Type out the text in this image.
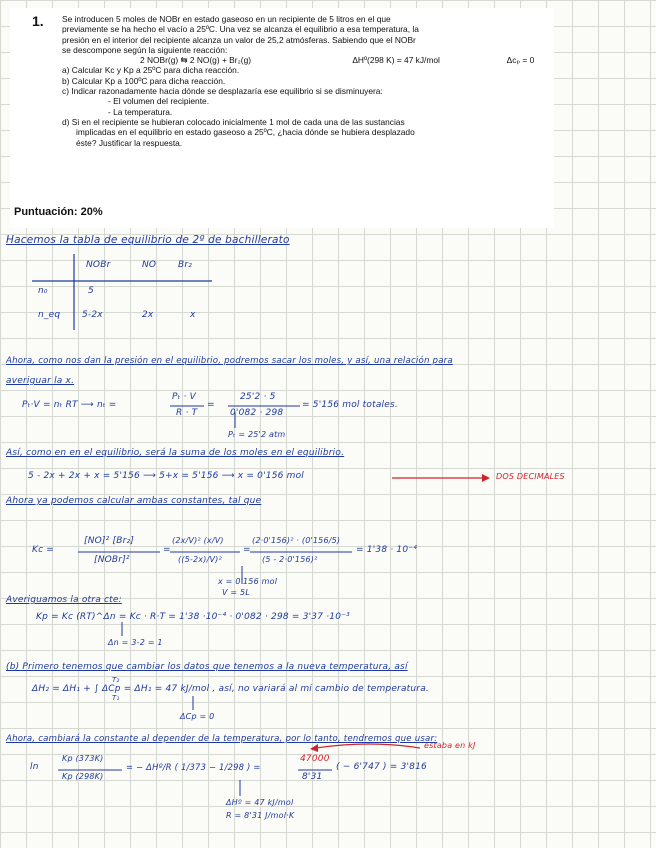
1. Se introducen 5 moles de NOBr en estado gaseoso en un recipiente de 5 litros en el que
previamente se ha hecho el vacío a 25ºC. Una vez se alcanza el equilibrio a esa temperatura, la
presión en el interior del recipiente alcanza un valor de 25,2 atmósferas. Sabiendo que el NOBr
se descompone según la siguiente reacción:
2 NOBr(g) ⇆ 2 NO(g) + Br₂(g)	ΔHº(298 K) = 47 kJ/mol	Δcₚ = 0
a) Calcular Kc y Kp a 25ºC para dicha reacción.
b) Calcular Kp a 100ºC para dicha reacción.
c) Indicar razonadamente hacia dónde se desplazaría ese equilibrio si se disminuyera:
- El volumen del recipiente.
- La temperatura.
d) Si en el recipiente se hubieran colocado inicialmente 1 mol de cada una de las sustancias
implicadas en el equilibrio en estado gaseoso a 25ºC, ¿hacia dónde se hubiera desplazado
éste? Justificar la respuesta.
Puntuación: 20%
Hacemos la tabla de equilibrio de 2º de bachillerato
NOBr	NO Br₂
n₀	5
n_eq 5-2x	2x	x
Ahora, como nos dan la presión en el equilibrio, podremos sacar los moles, y así, una relación para
averiguar la x.
Pₜ·V = nₜ RT ⟶ nₜ =
Pₜ · V
R · T
=
25'2 · 5
0'082 · 298
= 5'156 mol totales.
Pₜ = 25'2 atm
Así, como en en el equilibrio, será la suma de los moles en el equilibrio.
5 - 2x + 2x + x = 5'156 ⟶ 5+x = 5'156 ⟶ x = 0'156 mol	DOS DECIMALES
Ahora ya podemos calcular ambas constantes, tal que
Kc =
[NO]² [Br₂]
[NOBr]²
=
(2x/V)² (x/V)
((5-2x)/V)²
=
(2·0'156)² · (0'156/5)
(5 - 2·0'156)²
= 1'38 · 10⁻⁴
x = 0'156 mol
V = 5L
Averiguamos la otra cte:
Kp = Kc (RT)^Δn = Kc · R·T = 1'38 ·10⁻⁴ · 0'082 · 298 = 3'37 ·10⁻³
Δn = 3-2 = 1
(b) Primero tenemos que cambiar los datos que tenemos a la nueva temperatura, así
ΔH₂ = ΔH₁ + ∫ ΔCp = ΔH₁ = 47 kJ/mol , así, no variará al mi cambio de temperatura.
T₂
T₁
ΔCp = 0
Ahora, cambiará la constante al depender de la temperatura, por lo tanto, tendremos que usar:
estaba en kJ
ln
Kp (373K)
Kp (298K)
= − ΔHº/R ( 1/373 − 1/298 ) =
47000
8'31
( − 6'747 ) = 3'816
ΔHº = 47 kJ/mol
R = 8'31 J/mol·K
